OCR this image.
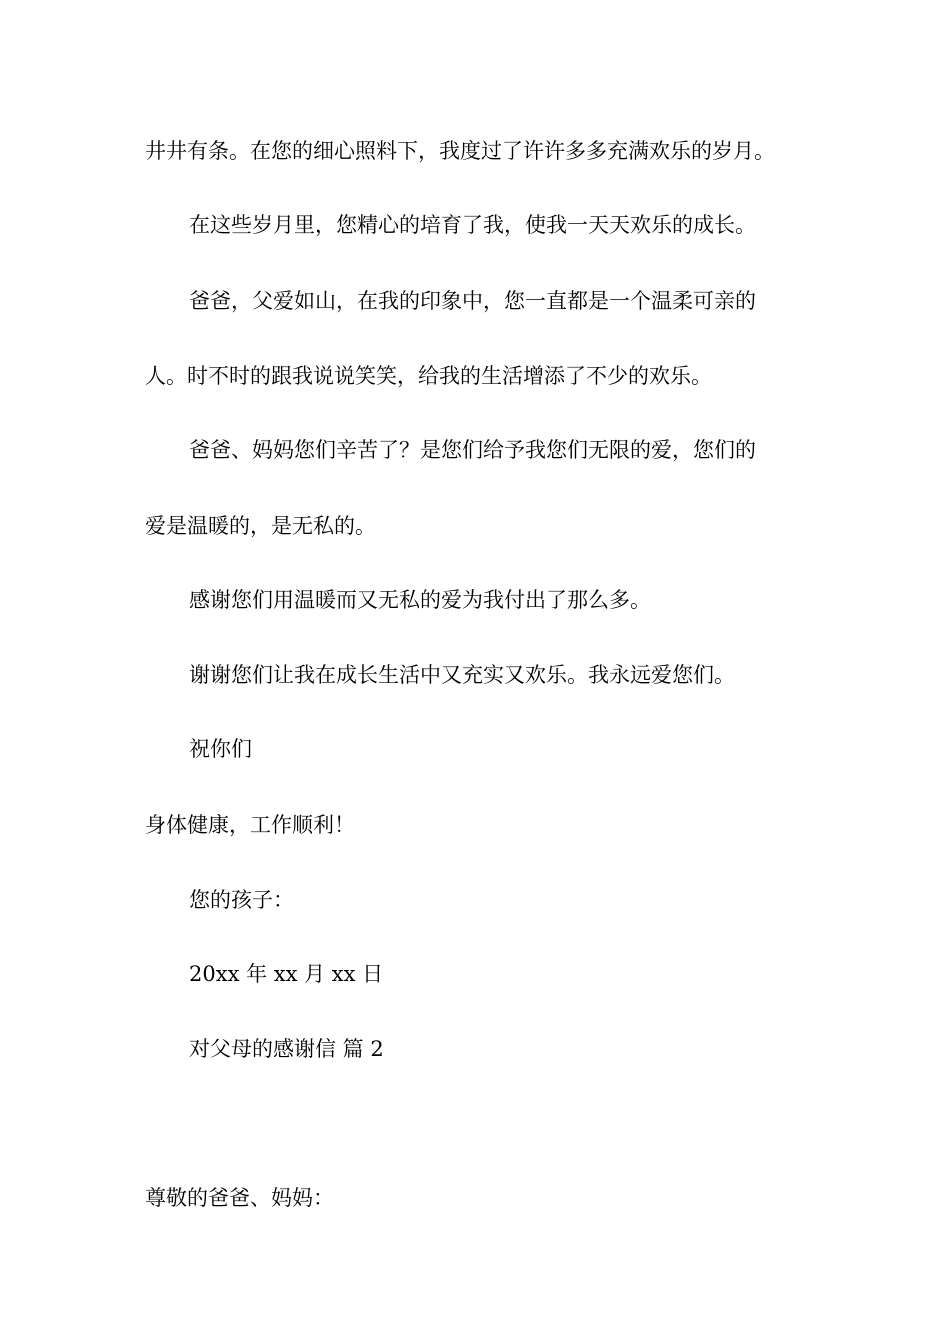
井井有条。在您的细心照料下，我度过了许许多多充满欢乐的岁月。
在这些岁月里，您精心的培育了我，使我一天天欢乐的成长。
爸爸，父爱如山，在我的印象中，您一直都是一个温柔可亲的
人。时不时的跟我说说笑笑，给我的生活增添了不少的欢乐。
爸爸、妈妈您们辛苦了？是您们给予我您们无限的爱，您们的
爱是温暖的，是无私的。
感谢您们用温暖而又无私的爱为我付出了那么多。
谢谢您们让我在成长生活中又充实又欢乐。我永远爱您们。
祝你们
身体健康，工作顺利！
您的孩子：
20xx 年 xx 月 xx 日
对父母的感谢信 篇 2
尊敬的爸爸、妈妈：
